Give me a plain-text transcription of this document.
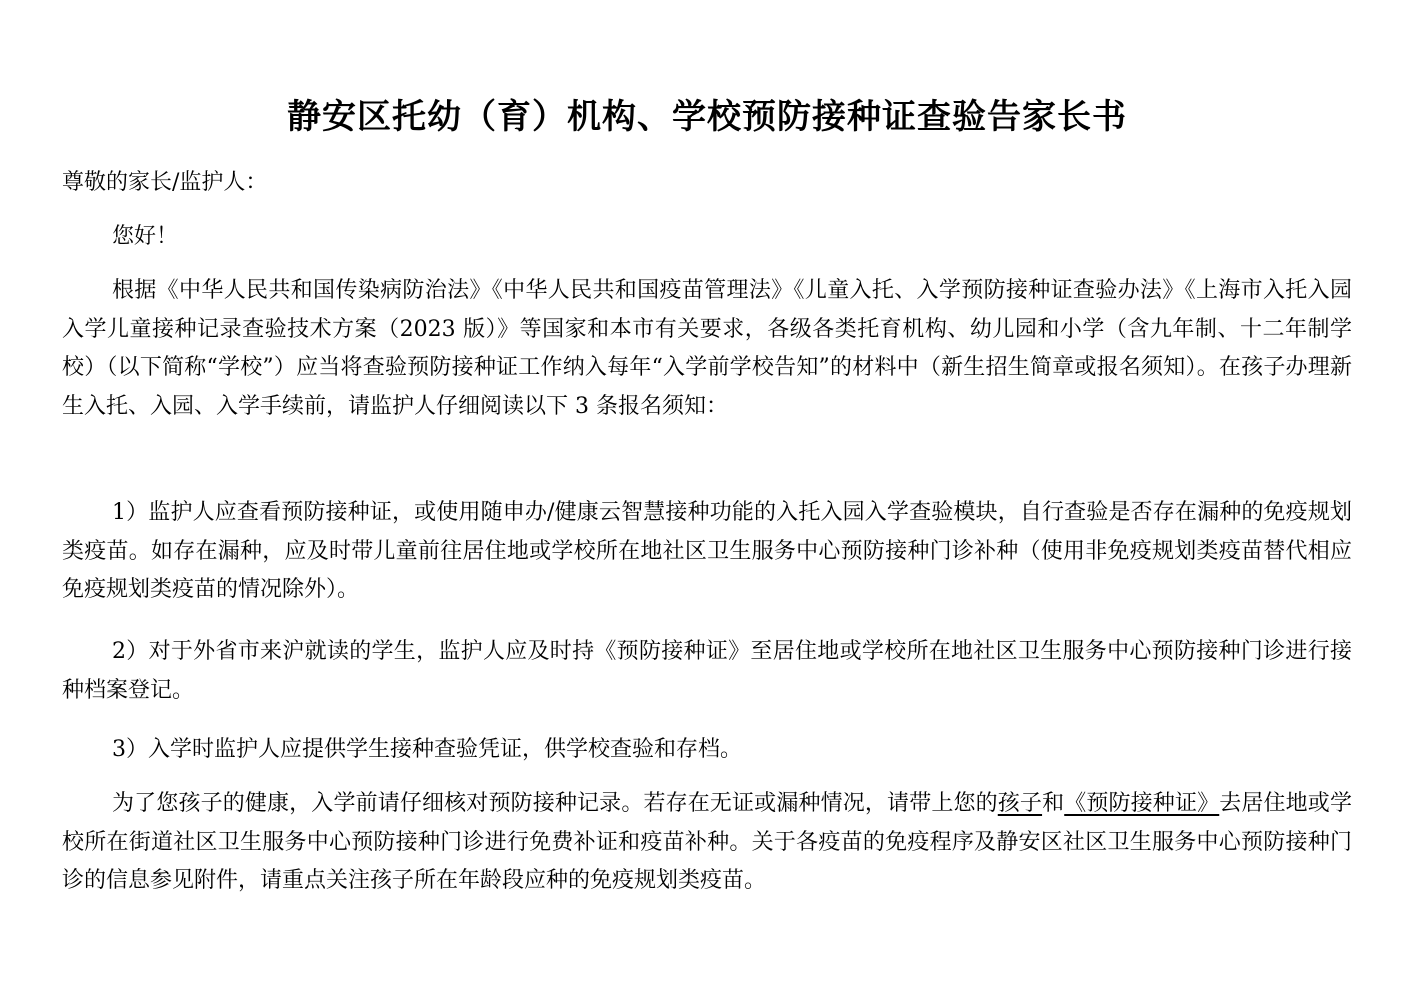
静安区托幼（育）机构、学校预防接种证查验告家长书

尊敬的家长/监护人：

您好！

根据《中华人民共和国传染病防治法》《中华人民共和国疫苗管理法》《儿童入托、入学预防接种证查验办法》《上海市入托入园入学儿童接种记录查验技术方案（2023 版）》等国家和本市有关要求，各级各类托育机构、幼儿园和小学（含九年制、十二年制学校）（以下简称“学校”）应当将查验预防接种证工作纳入每年“入学前学校告知”的材料中（新生招生简章或报名须知）。在孩子办理新生入托、入园、入学手续前，请监护人仔细阅读以下 3 条报名须知：

1）监护人应查看预防接种证，或使用随申办/健康云智慧接种功能的入托入园入学查验模块，自行查验是否存在漏种的免疫规划类疫苗。如存在漏种，应及时带儿童前往居住地或学校所在地社区卫生服务中心预防接种门诊补种（使用非免疫规划类疫苗替代相应免疫规划类疫苗的情况除外）。

2）对于外省市来沪就读的学生，监护人应及时持《预防接种证》至居住地或学校所在地社区卫生服务中心预防接种门诊进行接种档案登记。

3）入学时监护人应提供学生接种查验凭证，供学校查验和存档。

为了您孩子的健康，入学前请仔细核对预防接种记录。若存在无证或漏种情况，请带上您的孩子和《预防接种证》去居住地或学校所在街道社区卫生服务中心预防接种门诊进行免费补证和疫苗补种。关于各疫苗的免疫程序及静安区社区卫生服务中心预防接种门诊的信息参见附件，请重点关注孩子所在年龄段应种的免疫规划类疫苗。
